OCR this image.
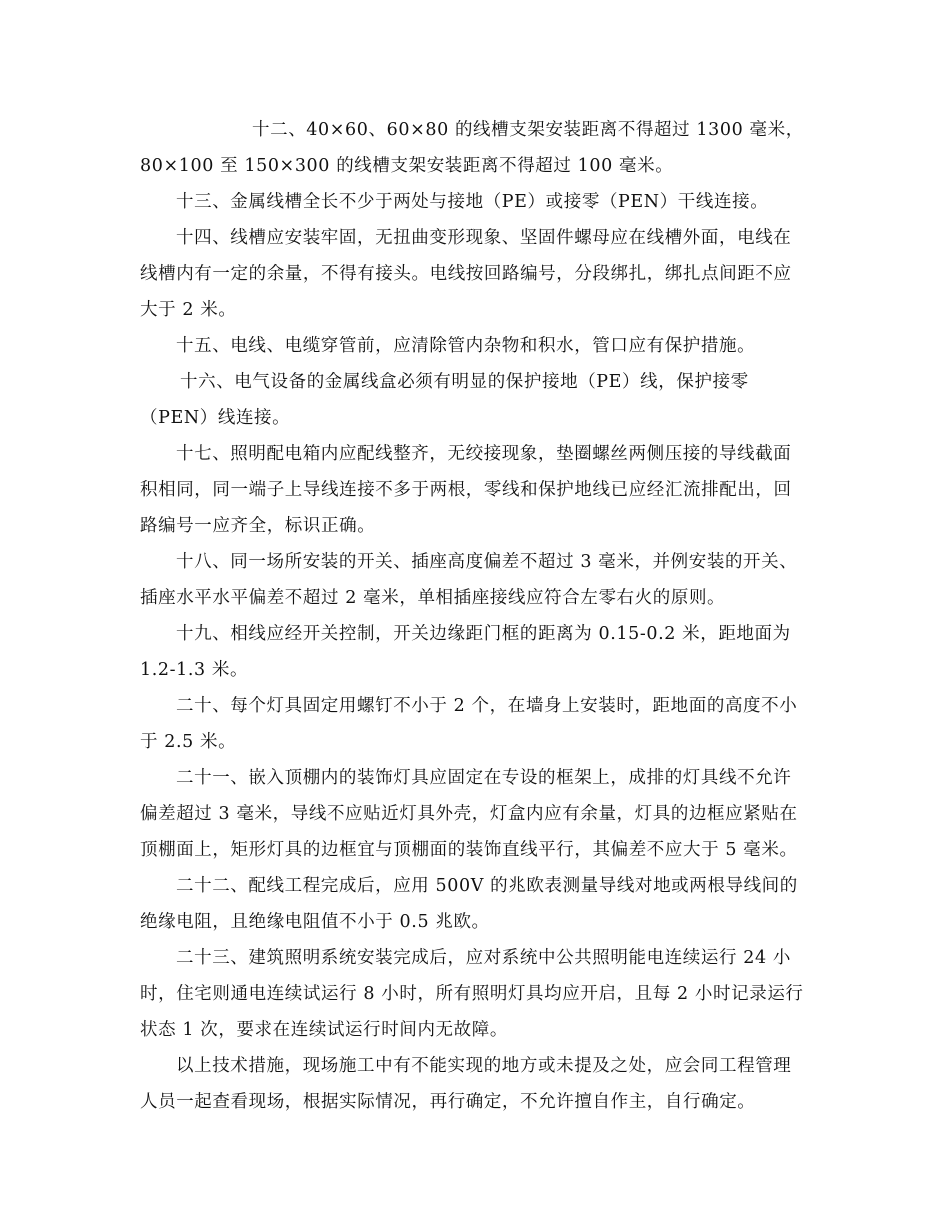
十二、40×60、60×80 的线槽支架安装距离不得超过 1300 毫米，
80×100 至 150×300 的线槽支架安装距离不得超过 100 毫米。
十三、金属线槽全长不少于两处与接地（PE）或接零（PEN）干线连接。
十四、线槽应安装牢固，无扭曲变形现象、坚固件螺母应在线槽外面，电线在
线槽内有一定的余量，不得有接头。电线按回路编号，分段绑扎，绑扎点间距不应
大于 2 米。
十五、电线、电缆穿管前，应清除管内杂物和积水，管口应有保护措施。
十六、电气设备的金属线盒必须有明显的保护接地（PE）线，保护接零
（PEN）线连接。
十七、照明配电箱内应配线整齐，无绞接现象，垫圈螺丝两侧压接的导线截面
积相同，同一端子上导线连接不多于两根，零线和保护地线已应经汇流排配出，回
路编号一应齐全，标识正确。
十八、同一场所安装的开关、插座高度偏差不超过 3 毫米，并例安装的开关、
插座水平水平偏差不超过 2 毫米，单相插座接线应符合左零右火的原则。
十九、相线应经开关控制，开关边缘距门框的距离为 0.15-0.2 米，距地面为
1.2-1.3 米。
二十、每个灯具固定用螺钉不小于 2 个，在墙身上安装时，距地面的高度不小
于 2.5 米。
二十一、嵌入顶棚内的装饰灯具应固定在专设的框架上，成排的灯具线不允许
偏差超过 3 毫米，导线不应贴近灯具外壳，灯盒内应有余量，灯具的边框应紧贴在
顶棚面上，矩形灯具的边框宜与顶棚面的装饰直线平行，其偏差不应大于 5 毫米。
二十二、配线工程完成后，应用 500V 的兆欧表测量导线对地或两根导线间的
绝缘电阻，且绝缘电阻值不小于 0.5 兆欧。
二十三、建筑照明系统安装完成后，应对系统中公共照明能电连续运行 24 小
时，住宅则通电连续试运行 8 小时，所有照明灯具均应开启，且每 2 小时记录运行
状态 1 次，要求在连续试运行时间内无故障。
以上技术措施，现场施工中有不能实现的地方或未提及之处，应会同工程管理
人员一起查看现场，根据实际情况，再行确定，不允许擅自作主，自行确定。
